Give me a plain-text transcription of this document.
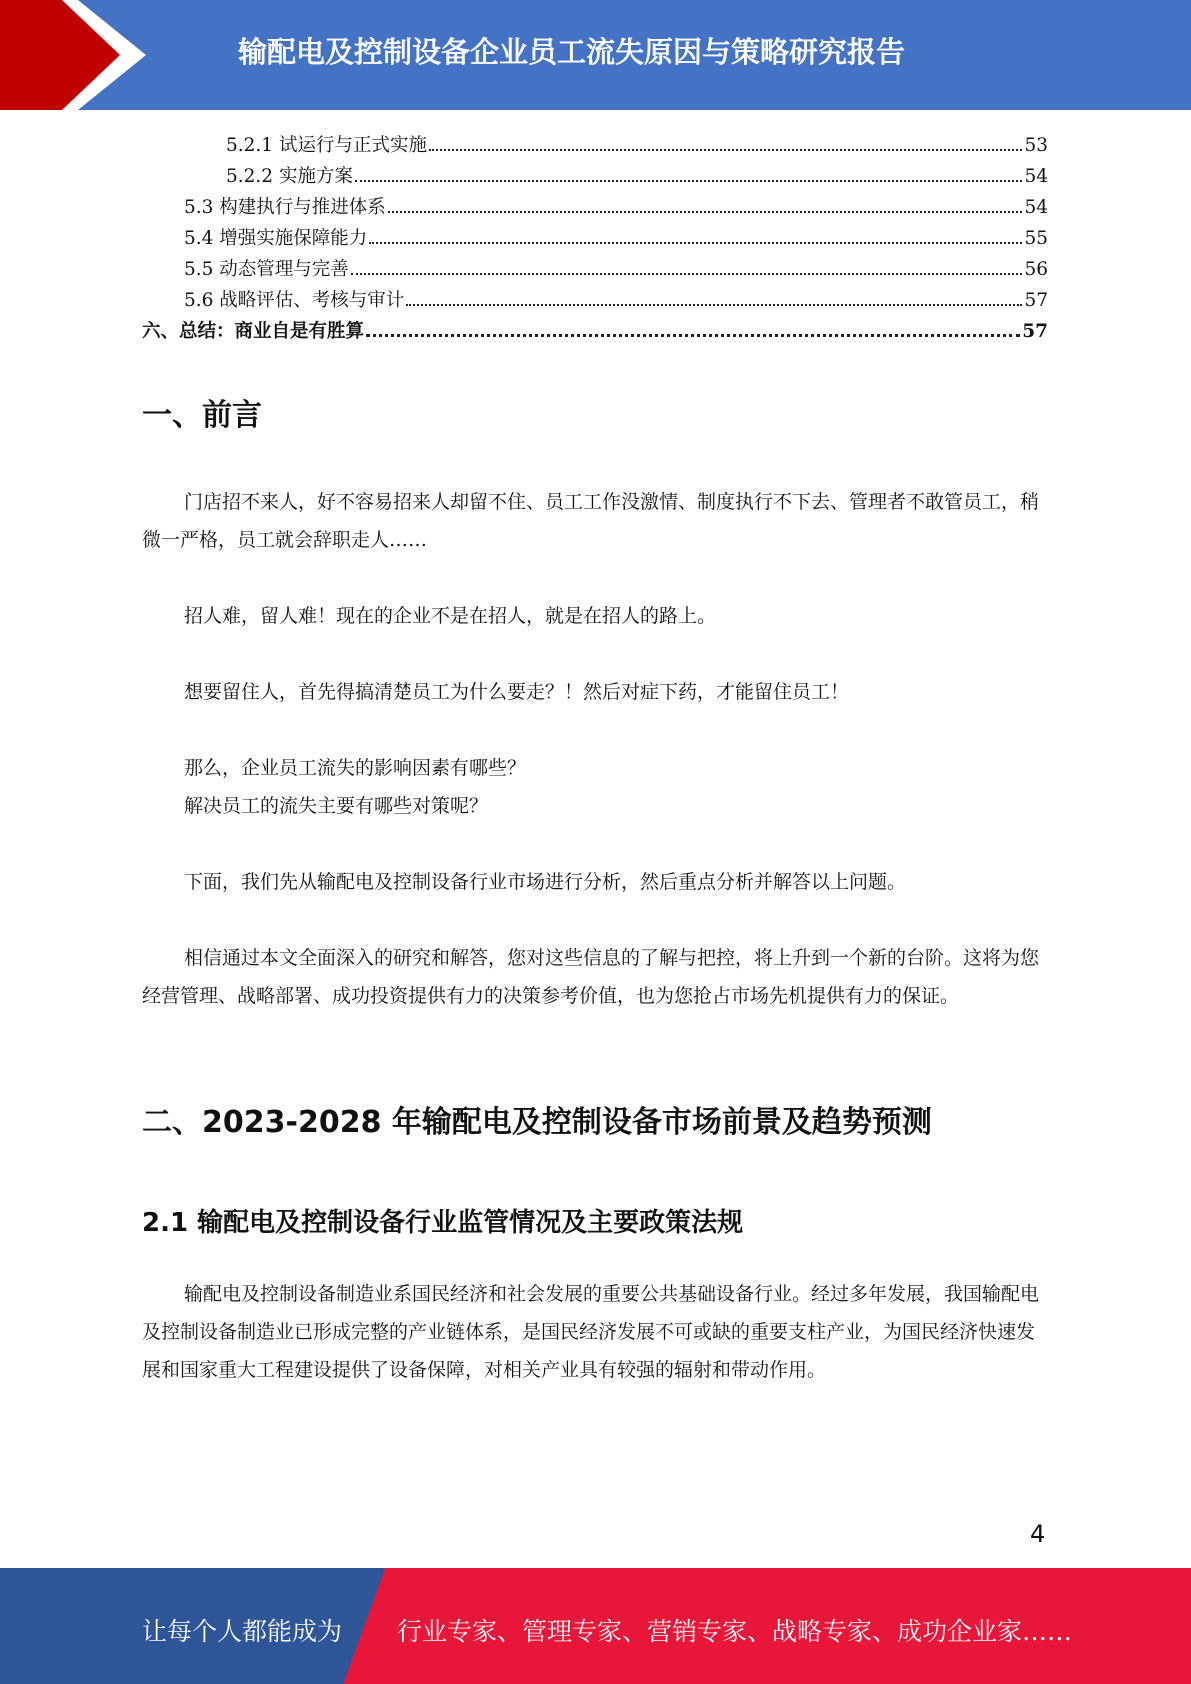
输配电及控制设备企业员工流失原因与策略研究报告
5.2.1 试运行与正式实施	53
5.2.2 实施方案	54
5.3 构建执行与推进体系	54
5.4 增强实施保障能力	55
5.5 动态管理与完善	56
5.6 战略评估、考核与审计	57
六、总结：商业自是有胜算	57
一、前言
门店招不来人，好不容易招来人却留不住、员工工作没激情、制度执行不下去、管理者不敢管员工，稍微一严格，员工就会辞职走人……
招人难，留人难！现在的企业不是在招人，就是在招人的路上。
想要留住人，首先得搞清楚员工为什么要走？！然后对症下药，才能留住员工！
那么，企业员工流失的影响因素有哪些？
解决员工的流失主要有哪些对策呢？
下面，我们先从输配电及控制设备行业市场进行分析，然后重点分析并解答以上问题。
相信通过本文全面深入的研究和解答，您对这些信息的了解与把控，将上升到一个新的台阶。这将为您经营管理、战略部署、成功投资提供有力的决策参考价值，也为您抢占市场先机提供有力的保证。
二、2023-2028 年输配电及控制设备市场前景及趋势预测
2.1 输配电及控制设备行业监管情况及主要政策法规
输配电及控制设备制造业系国民经济和社会发展的重要公共基础设备行业。经过多年发展，我国输配电及控制设备制造业已形成完整的产业链体系，是国民经济发展不可或缺的重要支柱产业，为国民经济快速发展和国家重大工程建设提供了设备保障，对相关产业具有较强的辐射和带动作用。
4
让每个人都能成为 行业专家、管理专家、营销专家、战略专家、成功企业家……
